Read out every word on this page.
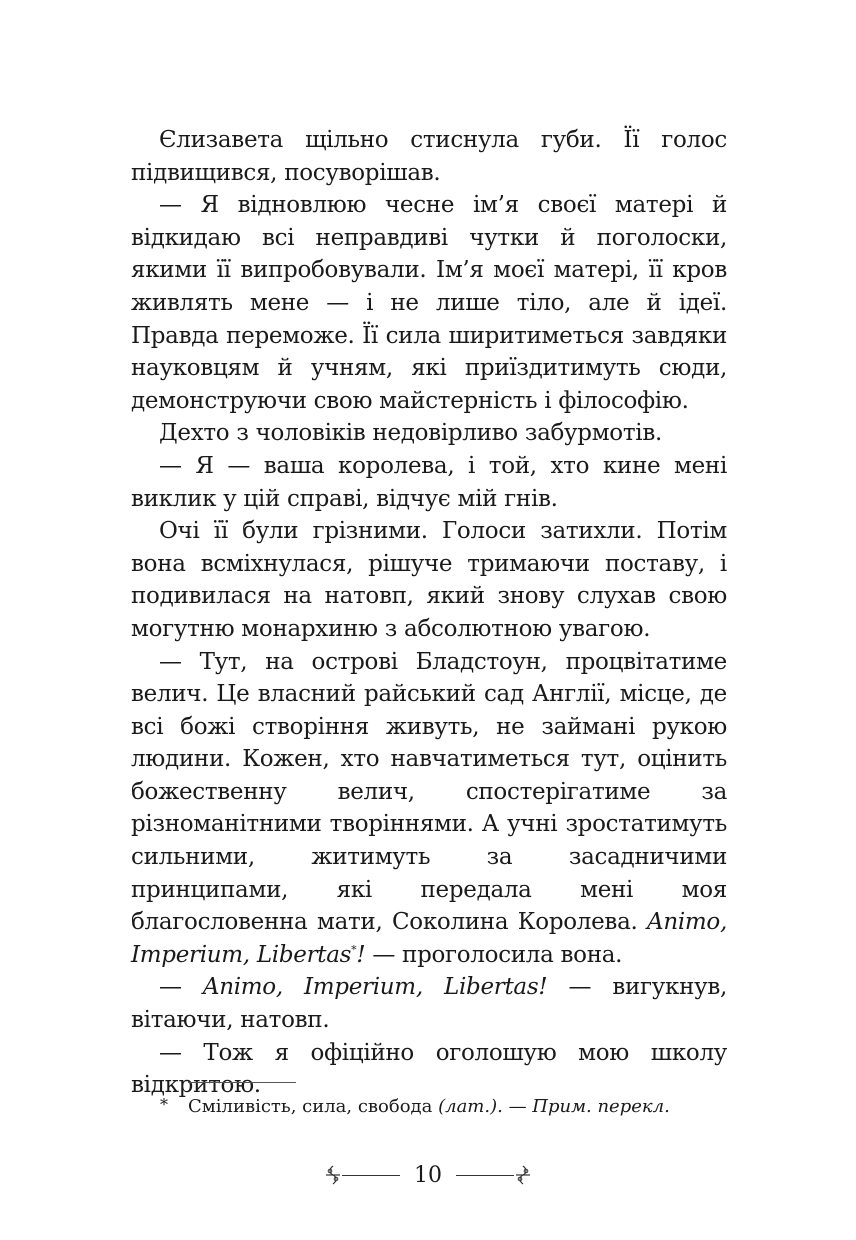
Єлизавета щільно стиснула губи. Її голос підвищився, посуворішав.

— Я відновлюю чесне ім’я своєї матері й відкидаю всі неправдиві чутки й поголоски, якими її випробовували. Ім’я моєї матері, її кров живлять мене — і не лише тіло, але й ідеї. Правда переможе. Її сила ширитиметься завдяки науковцям й учням, які приїздитимуть сюди, демонструючи свою майстерність і філософію.

Дехто з чоловіків недовірливо забурмотів.

— Я — ваша королева, і той, хто кине мені виклик у цій справі, відчує мій гнів.

Очі її були грізними. Голоси затихли. Потім вона всміхнулася, рішуче тримаючи поставу, і подивилася на натовп, який знову слухав свою могутню монархиню з абсолютною увагою.

— Тут, на острові Бладстоун, процвітатиме велич. Це власний райський сад Англії, місце, де всі божі створіння живуть, не займані рукою людини. Кожен, хто навчатиметься тут, оцінить божественну велич, спостерігатиме за різноманітними творіннями. А учні зростатимуть сильними, житимуть за засадничими принципами, які передала мені моя благословенна мати, Соколина Королева. Animo, Imperium, Libertas*! — проголосила вона.

— Animo, Imperium, Libertas! — вигукнув, вітаючи, натовп.

— Тож я офіційно оголошую мою школу відкритою.

* Сміливість, сила, свобода (лат.). — Прим. перекл.
10
